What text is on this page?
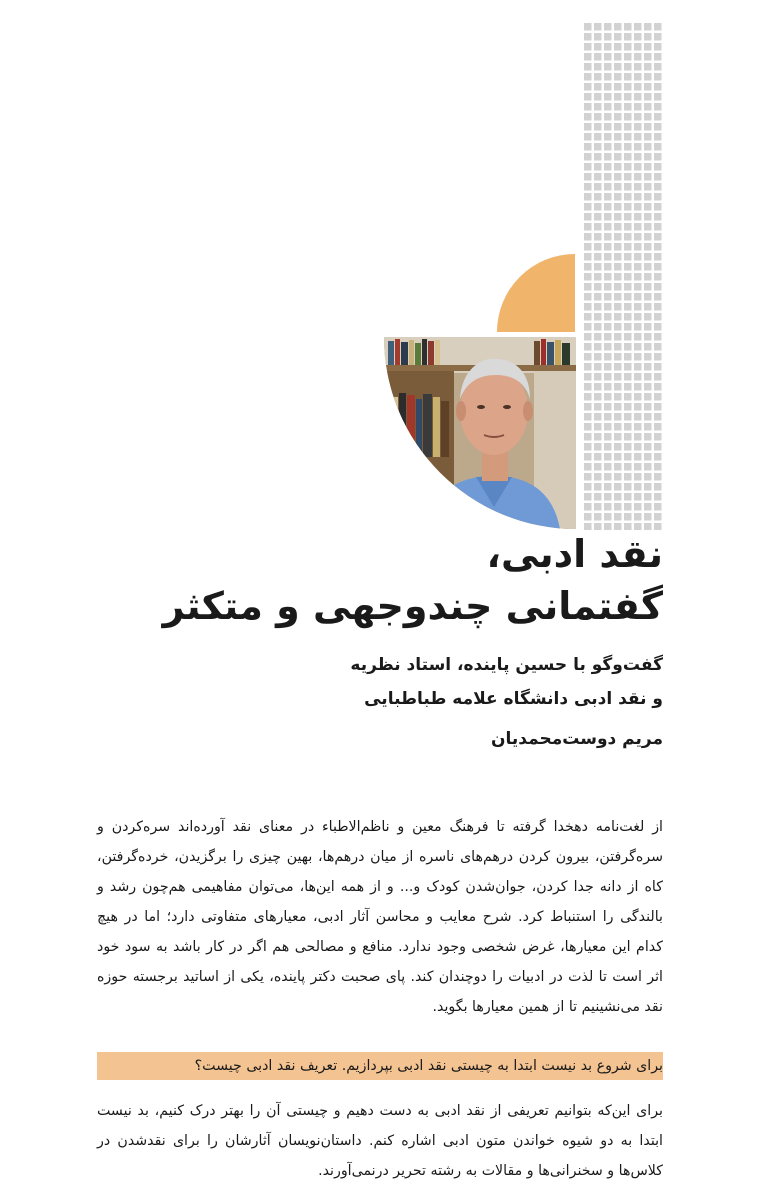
نقد ادبی،
گفتمانی چندوجهی و متکثر
گفت‌وگو با حسین پاینده، استاد نظریه
و نقد ادبی دانشگاه علامه طباطبایی
مریم دوست‌محمدیان

از لغت‌نامه دهخدا گرفته تا فرهنگ معین و ناظم‌الاطباء در معنای نقد آورده‌اند سره‌کردن و سره‌گرفتن، بیرون کردن درهم‌های ناسره از میان درهم‌ها، بهین چیزی را برگزیدن، خرده‌گرفتن، کاه از دانه جدا کردن، جوان‌شدن کودک و... و از همه این‌ها، می‌توان مفاهیمی هم‌چون رشد و بالندگی را استنباط کرد. شرح معایب و محاسن آثار ادبی، معیارهای متفاوتی دارد؛ اما در هیچ کدام این معیارها، غرض شخصی وجود ندارد. منافع و مصالحی هم اگر در کار باشد به سود خود اثر است تا لذت در ادبیات را دوچندان کند. پای صحبت دکتر پاینده، یکی از اساتید برجسته حوزه نقد می‌نشینیم تا از همین معیارها بگوید.

برای شروع بد نیست ابتدا به چیستی نقد ادبی بپردازیم. تعریف نقد ادبی چیست؟

برای این‌که بتوانیم تعریفی از نقد ادبی به دست دهیم و چیستی آن را بهتر درک کنیم، بد نیست ابتدا به دو شیوه خواندن متون ادبی اشاره کنم. داستان‌نویسان آثارشان را برای نقدشدن در کلاس‌ها و سخنرانی‌ها و مقالات به رشته تحریر درنمی‌آورند.
